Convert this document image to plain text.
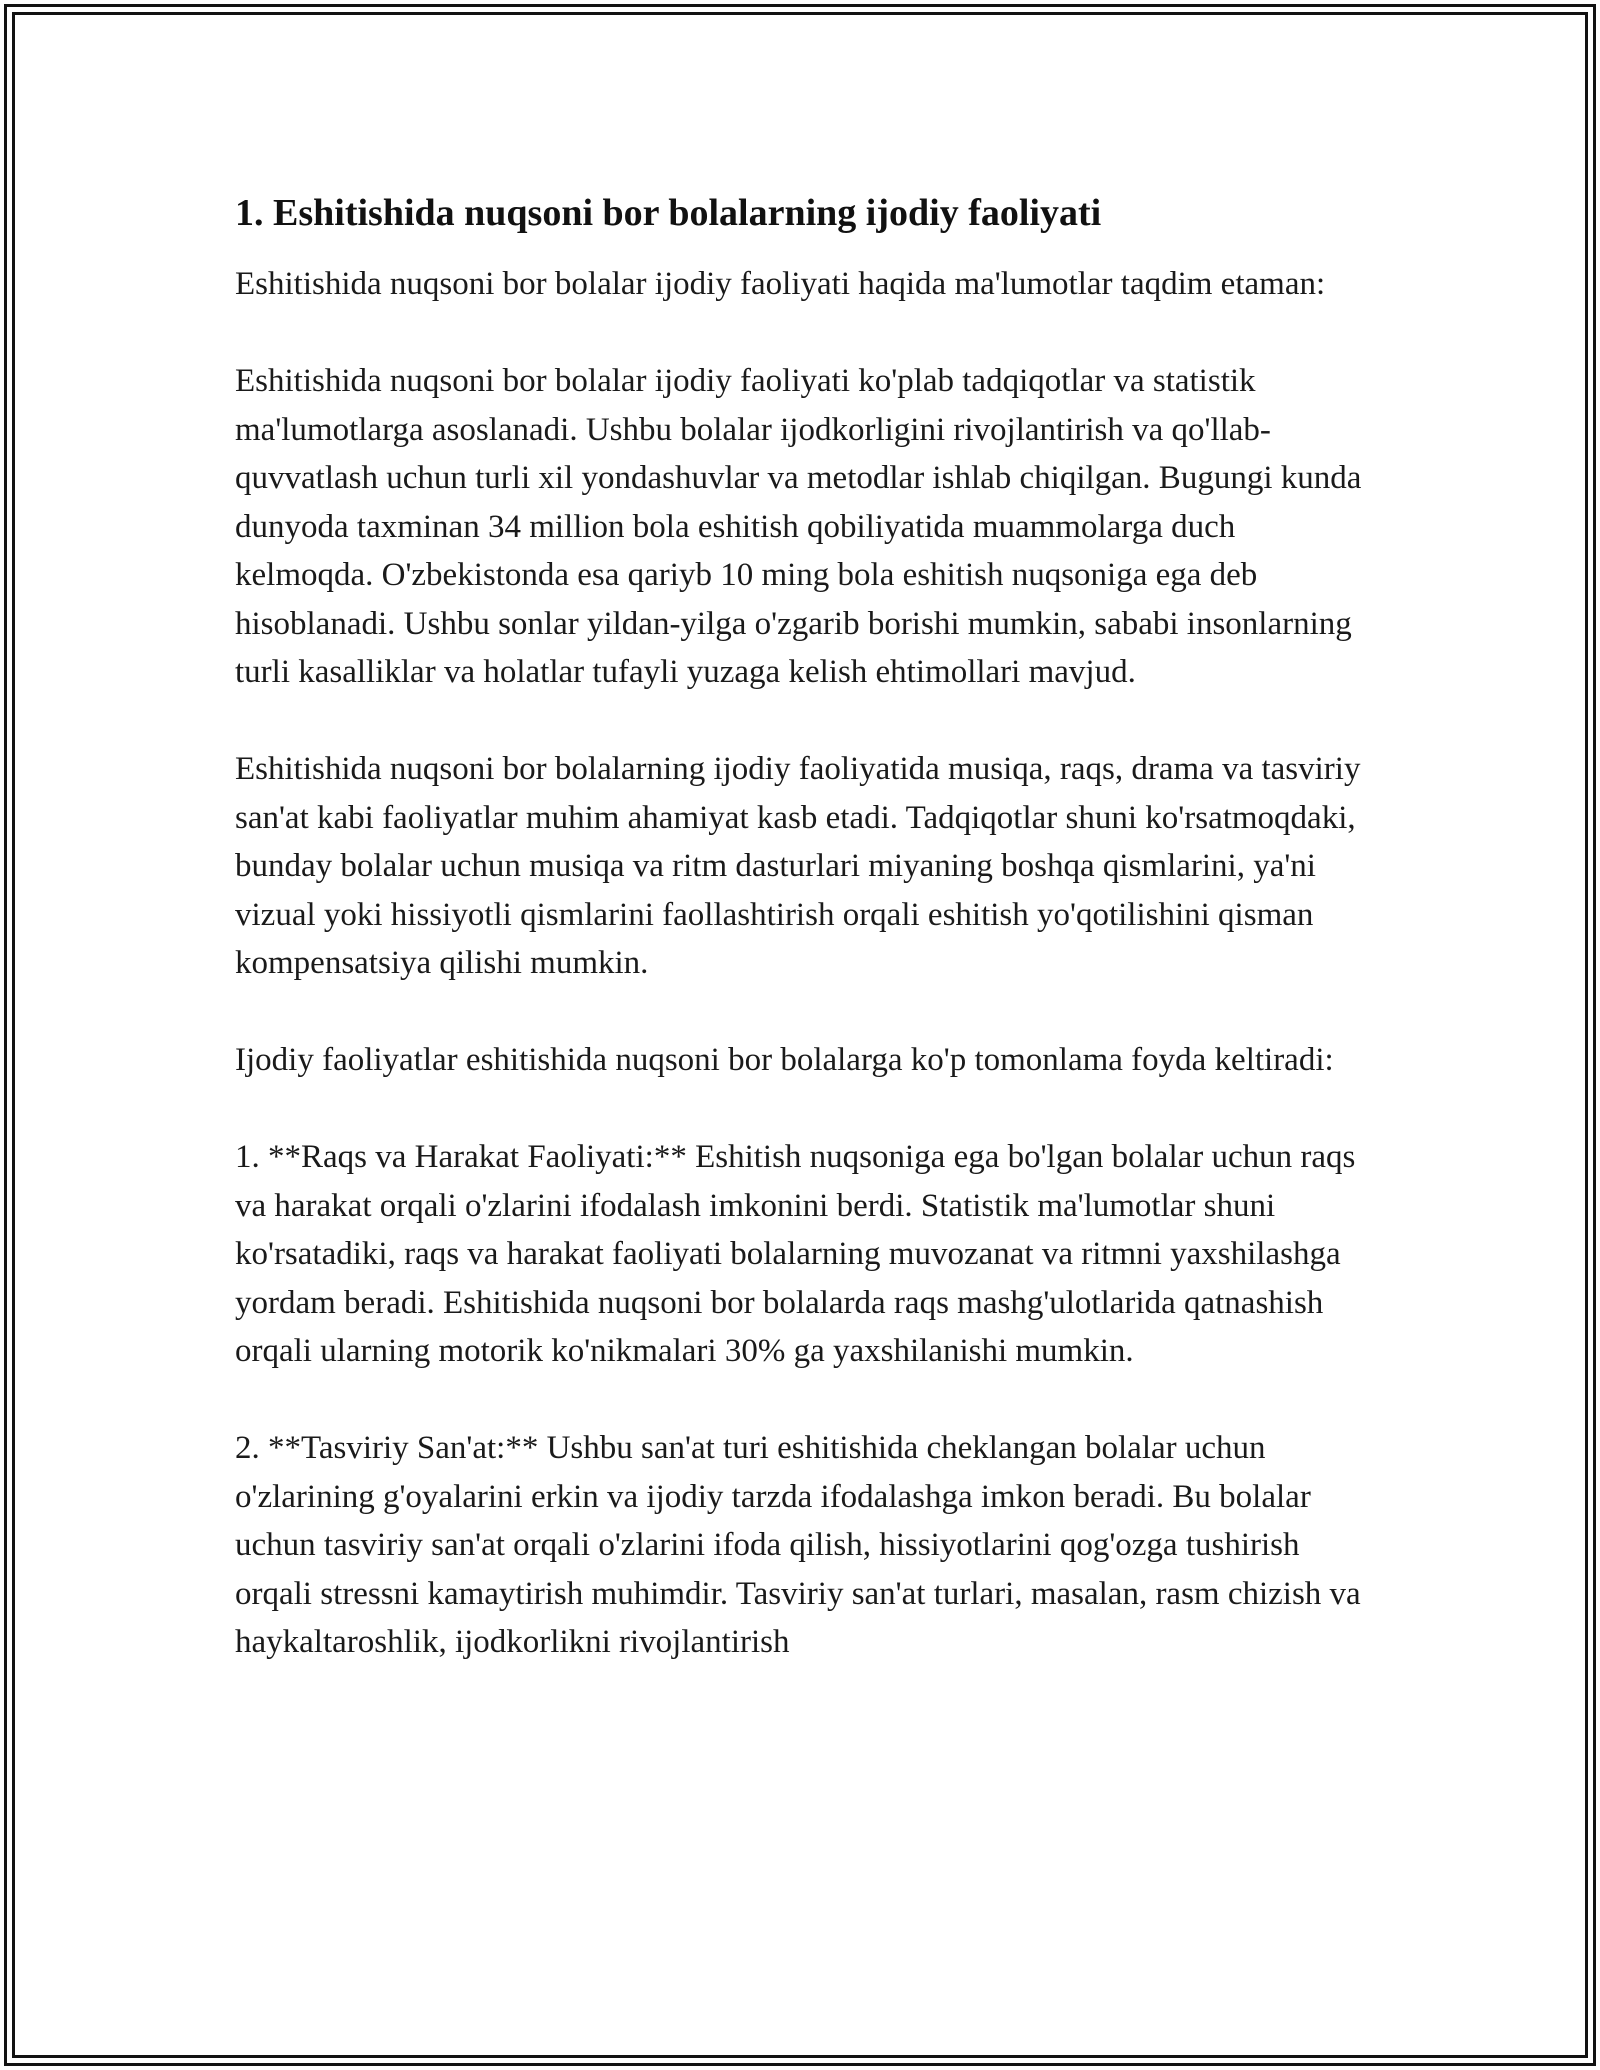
1. Eshitishida nuqsoni bor bolalarning ijodiy faoliyati

Eshitishida nuqsoni bor bolalar ijodiy faoliyati haqida ma'lumotlar taqdim etaman:

Eshitishida nuqsoni bor bolalar ijodiy faoliyati ko'plab tadqiqotlar va statistik ma'lumotlarga asoslanadi. Ushbu bolalar ijodkorligini rivojlantirish va qo'llab-quvvatlash uchun turli xil yondashuvlar va metodlar ishlab chiqilgan. Bugungi kunda dunyoda taxminan 34 million bola eshitish qobiliyatida muammolarga duch kelmoqda. O'zbekistonda esa qariyb 10 ming bola eshitish nuqsoniga ega deb hisoblanadi. Ushbu sonlar yildan-yilga o'zgarib borishi mumkin, sababi insonlarning turli kasalliklar va holatlar tufayli yuzaga kelish ehtimollari mavjud.

Eshitishida nuqsoni bor bolalarning ijodiy faoliyatida musiqa, raqs, drama va tasviriy san'at kabi faoliyatlar muhim ahamiyat kasb etadi. Tadqiqotlar shuni ko'rsatmoqdaki, bunday bolalar uchun musiqa va ritm dasturlari miyaning boshqa qismlarini, ya'ni vizual yoki hissiyotli qismlarini faollashtirish orqali eshitish yo'qotilishini qisman kompensatsiya qilishi mumkin.

Ijodiy faoliyatlar eshitishida nuqsoni bor bolalarga ko'p tomonlama foyda keltiradi:

1. **Raqs va Harakat Faoliyati:** Eshitish nuqsoniga ega bo'lgan bolalar uchun raqs va harakat orqali o'zlarini ifodalash imkonini berdi. Statistik ma'lumotlar shuni ko'rsatadiki, raqs va harakat faoliyati bolalarning muvozanat va ritmni yaxshilashga yordam beradi. Eshitishida nuqsoni bor bolalarda raqs mashg'ulotlarida qatnashish orqali ularning motorik ko'nikmalari 30% ga yaxshilanishi mumkin.

2. **Tasviriy San'at:** Ushbu san'at turi eshitishida cheklangan bolalar uchun o'zlarining g'oyalarini erkin va ijodiy tarzda ifodalashga imkon beradi. Bu bolalar uchun tasviriy san'at orqali o'zlarini ifoda qilish, hissiyotlarini qog'ozga tushirish orqali stressni kamaytirish muhimdir. Tasviriy san'at turlari, masalan, rasm chizish va haykaltaroshlik, ijodkorlikni rivojlantirish
